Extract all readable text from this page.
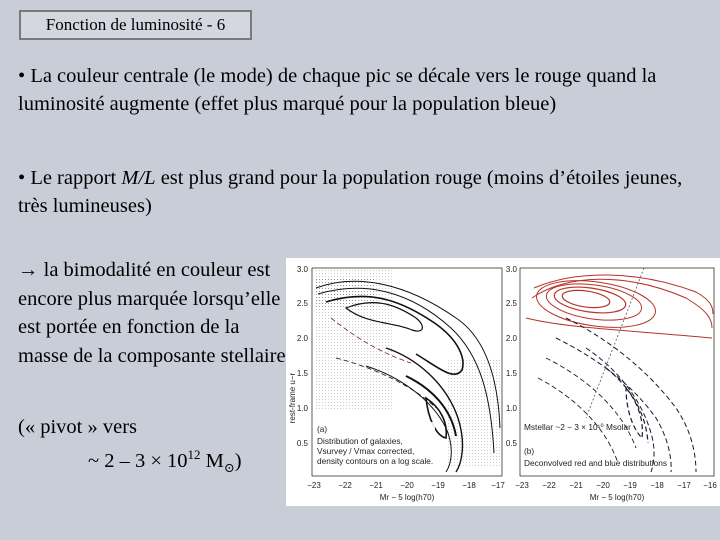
Fonction de luminosité - 6
• La couleur centrale (le mode) de chaque pic se décale vers le rouge quand la luminosité augmente (effet plus marqué pour la population bleue)
• Le rapport M/L est plus grand pour la population rouge (moins d’étoiles jeunes, très lumineuses)
→ la bimodalité en couleur est encore plus marquée lorsqu’elle est portée en fonction de la masse de la composante stellaire
(« pivot » vers
~ $2 - 3 \times 10^{12}$ $M_⊙$)
rest-frame u−r
3.0
2.5
2.0
1.5
1.0
0.5
(a)
Distribution of galaxies,
Vsurvey / Vmax corrected,
density contours on a log scale.
−23 −22 −21 −20 −19 −18 −17
Mr − 5 log(h70)
3.0
2.5
2.0
1.5
1.0
0.5
Mstellar ~2 − 3 × 10¹⁰ Msolar
(b)
Deconvolved red and blue distributions
−23 −22 −21 −20 −19 −18 −17 −16
Mr − 5 log(h70)
